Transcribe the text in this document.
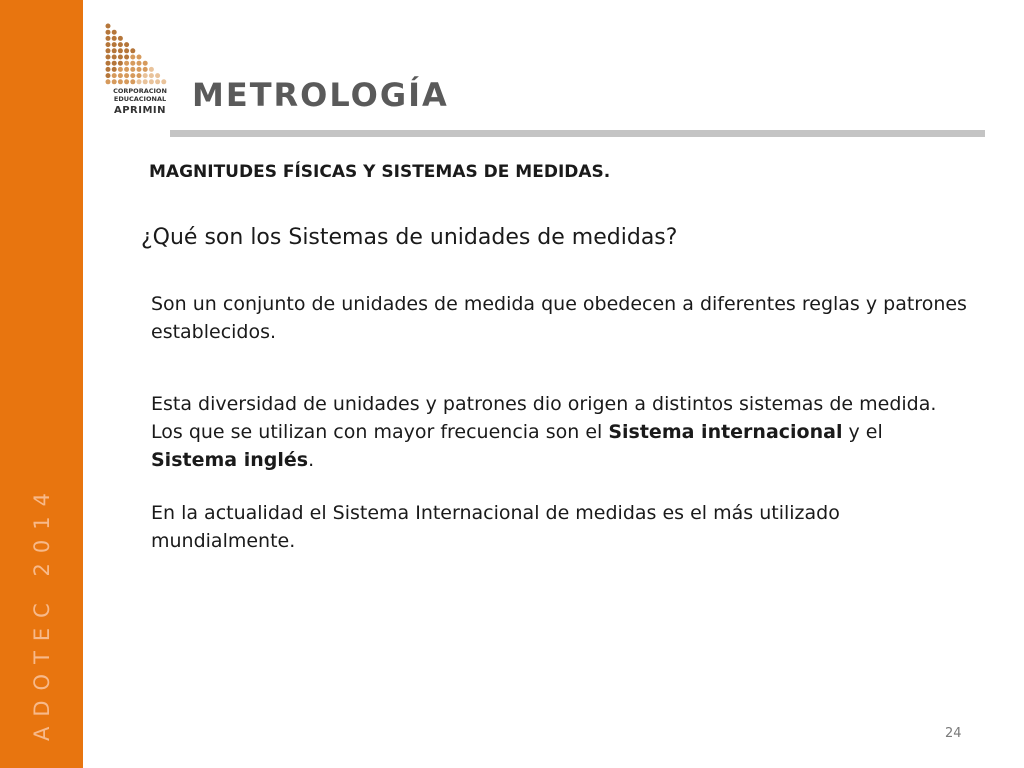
ADOTEC 2014
CORPORACION
EDUCACIONAL
APRIMIN METROLOGÍA
MAGNITUDES FÍSICAS Y SISTEMAS DE MEDIDAS.
¿Qué son los Sistemas de unidades de medidas?
Son un conjunto de unidades de medida que obedecen a diferentes reglas y patrones establecidos.
Esta diversidad de unidades y patrones dio origen a distintos sistemas de medida. Los que se utilizan con mayor frecuencia son el Sistema internacional y el Sistema inglés.
En la actualidad el Sistema Internacional de medidas es el más utilizado mundialmente.
24
